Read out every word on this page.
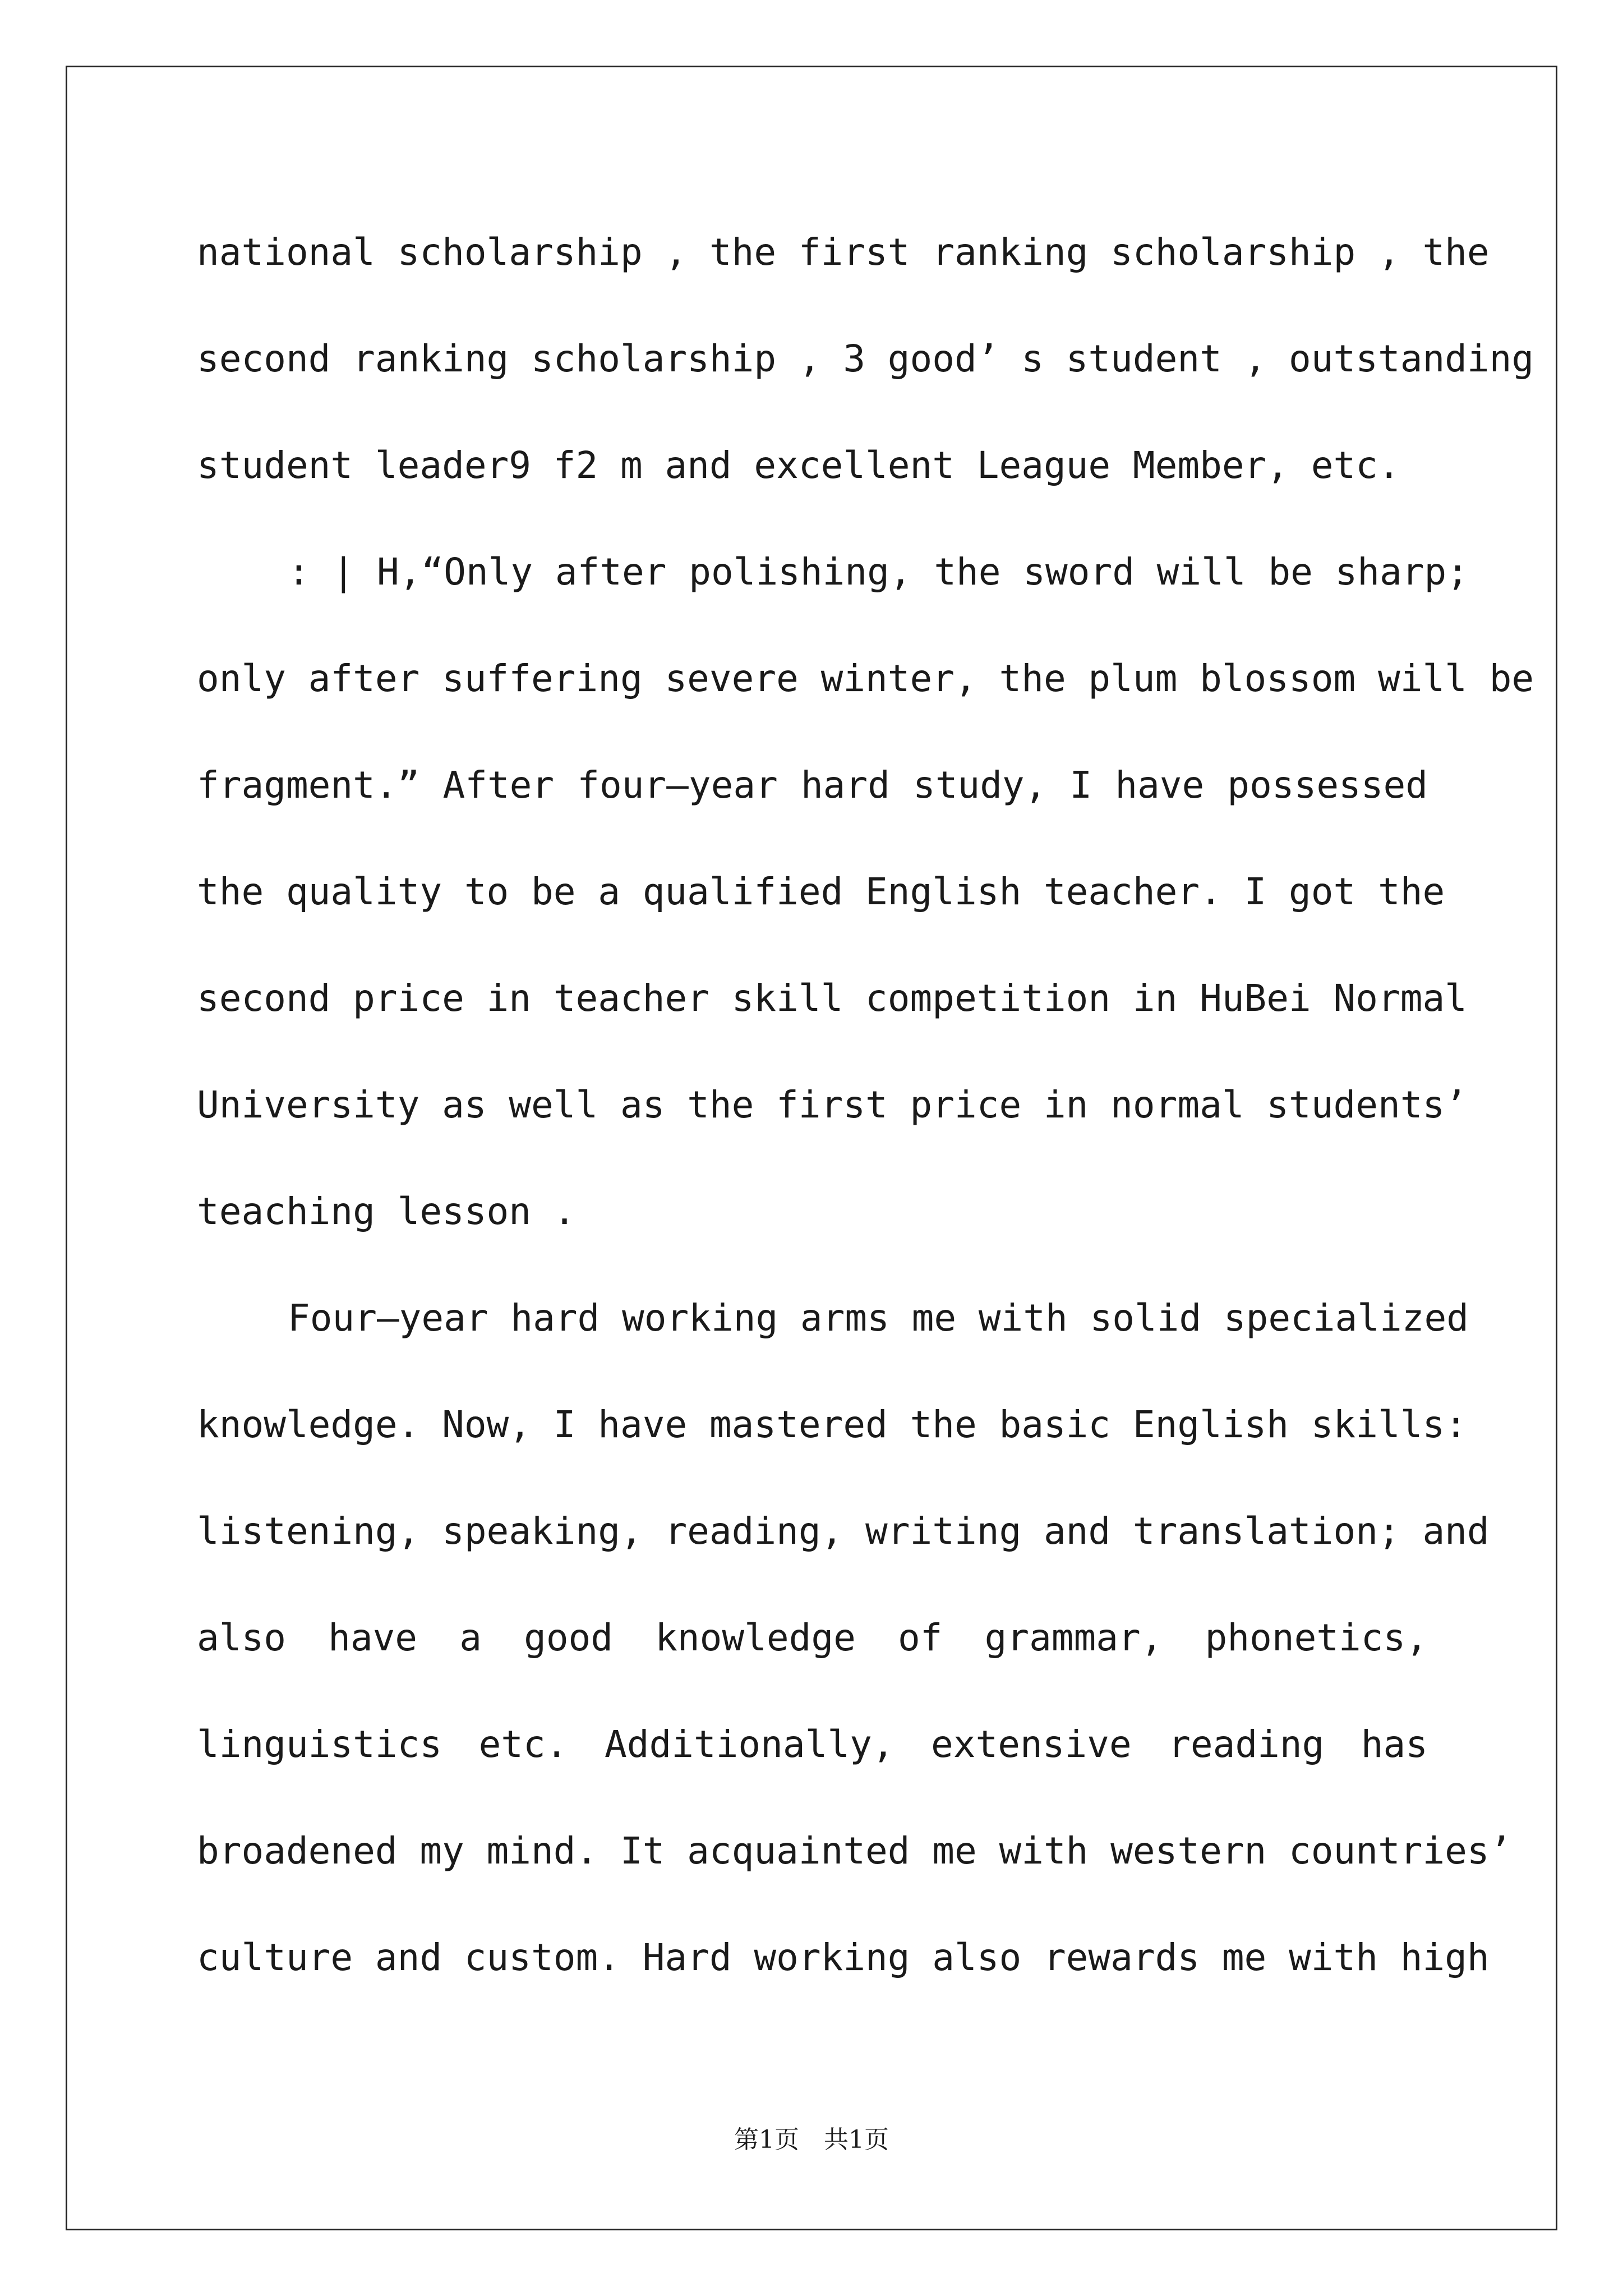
national scholarship , the first ranking scholarship , the
second ranking scholarship , 3 good’ s student , outstanding
student leader9 f2 m and excellent League Member, etc.
: | H,“Only after polishing, the sword will be sharp;
only after suffering severe winter, the plum blossom will be
fragment.” After four—year hard study, I have possessed
the quality to be a qualified English teacher. I got the
second price in teacher skill competition in HuBei Normal
University as well as the first price in normal students’
teaching lesson .
Four—year hard working arms me with solid specialized
knowledge. Now, I have mastered the basic English skills:
listening, speaking, reading, writing and translation; and
also have a good knowledge of grammar, phonetics,
linguistics etc. Additionally, extensive reading has
broadened my mind. It acquainted me with western countries’
culture and custom. Hard working also rewards me with high
第1页　共1页
